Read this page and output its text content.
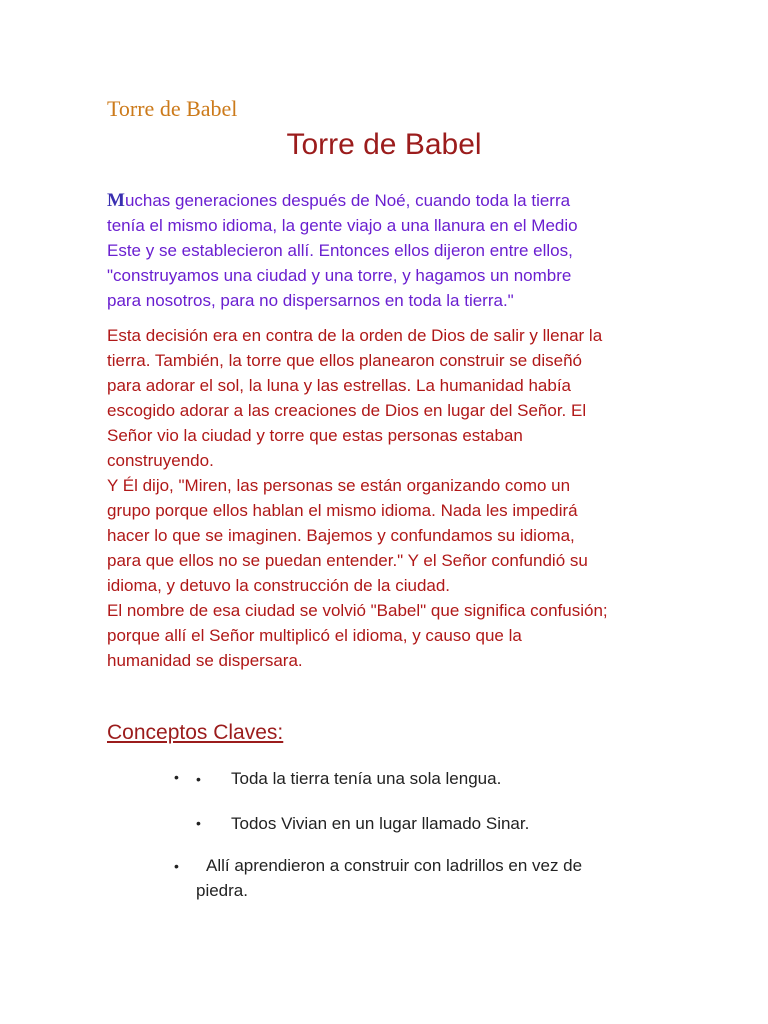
Torre de Babel
Torre de Babel
Muchas generaciones después de Noé, cuando toda la tierra
tenía el mismo idioma, la gente viajo a una llanura en el Medio
Este y se establecieron allí. Entonces ellos dijeron entre ellos,
"construyamos una ciudad y una torre, y hagamos un nombre
para nosotros, para no dispersarnos en toda la tierra."
Esta decisión era en contra de la orden de Dios de salir y llenar la
tierra. También, la torre que ellos planearon construir se diseñó
para adorar el sol, la luna y las estrellas. La humanidad había
escogido adorar a las creaciones de Dios en lugar del Señor. El
Señor vio la ciudad y torre que estas personas estaban
construyendo.
Y Él dijo, "Miren, las personas se están organizando como un
grupo porque ellos hablan el mismo idioma. Nada les impedirá
hacer lo que se imaginen. Bajemos y confundamos su idioma,
para que ellos no se puedan entender." Y el Señor confundió su
idioma, y detuvo la construcción de la ciudad.
El nombre de esa ciudad se volvió "Babel" que significa confusión;
porque allí el Señor multiplicó el idioma, y causo que la
humanidad se dispersara.
Conceptos Claves:
• • Toda la tierra tenía una sola lengua.
• Todos Vivian en un lugar llamado Sinar.
• Allí aprendieron a construir con ladrillos en vez de
piedra.
